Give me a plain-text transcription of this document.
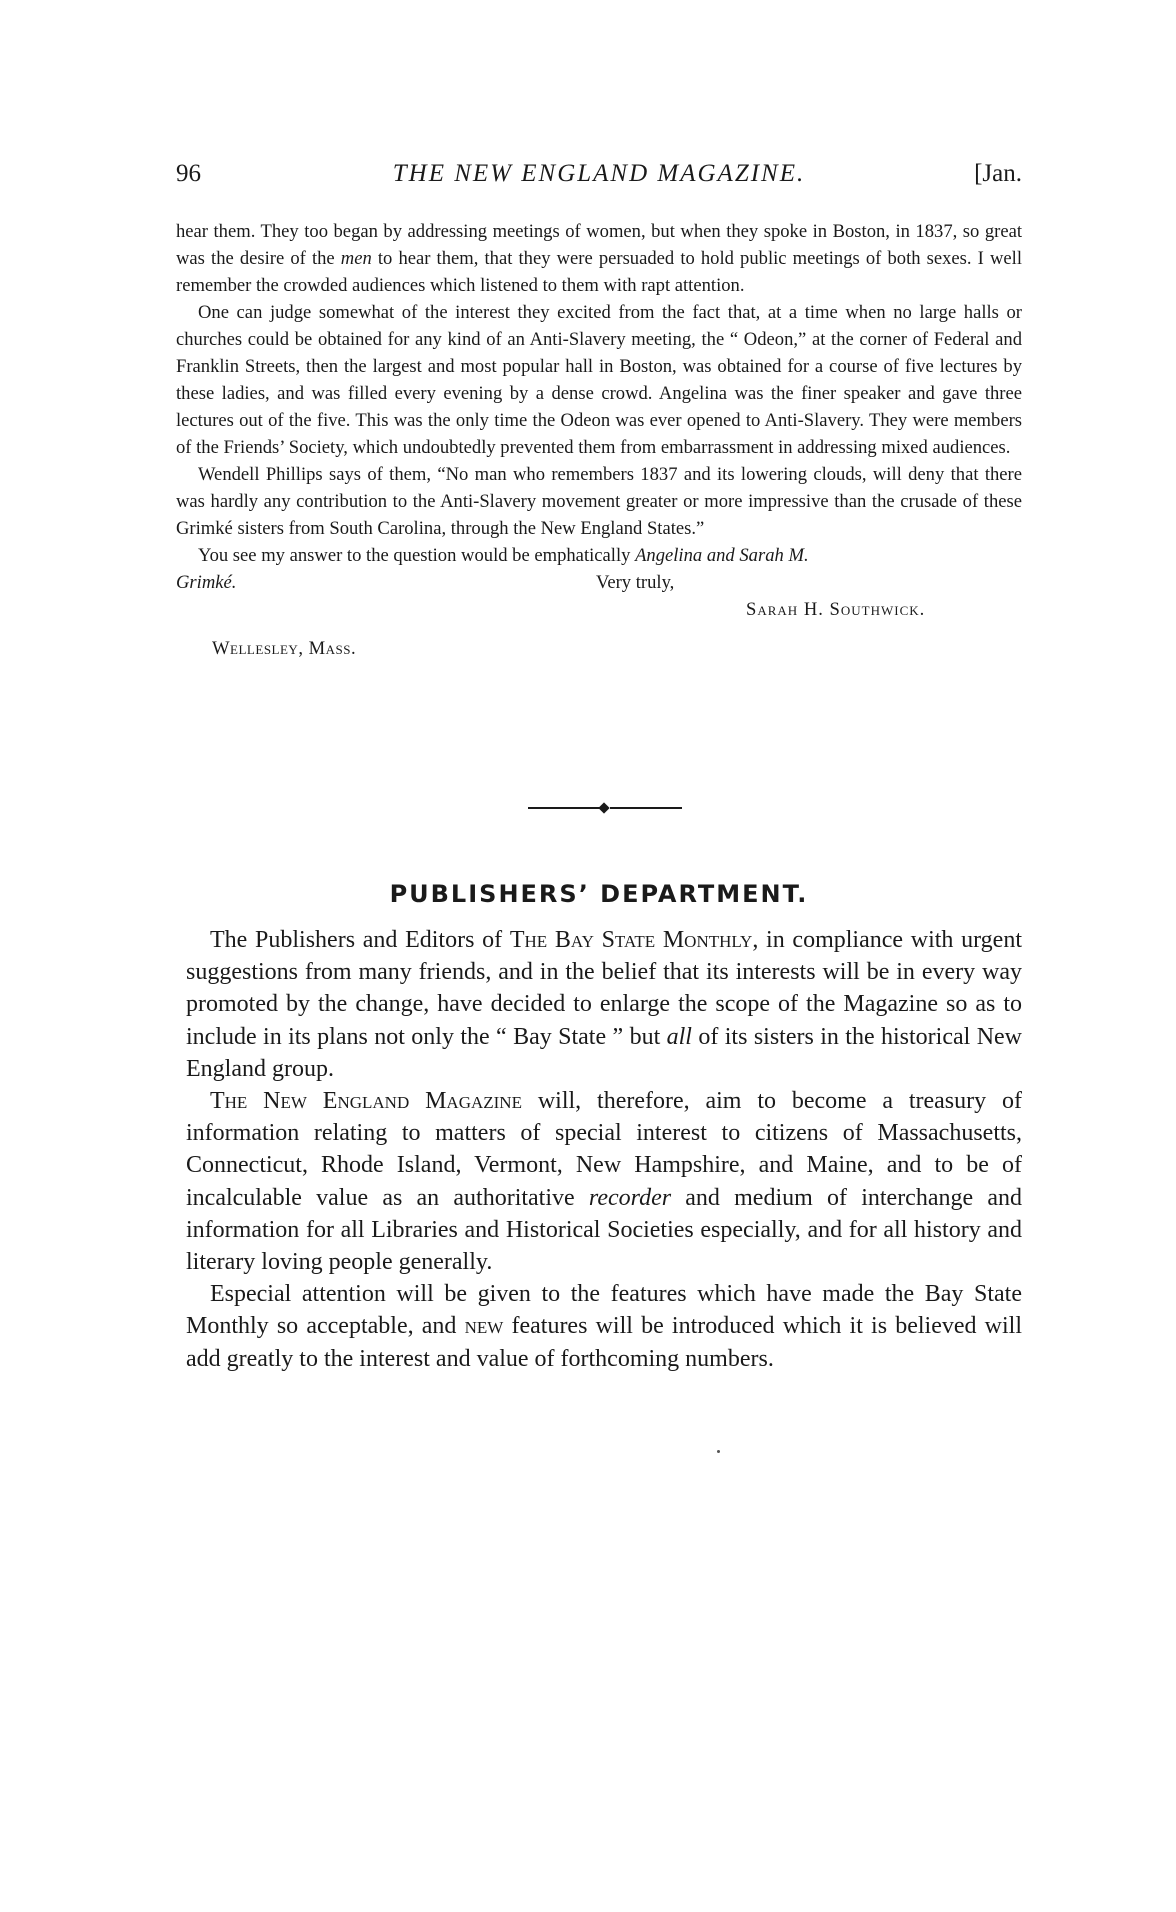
96	THE NEW ENGLAND MAGAZINE.	[Jan.

hear them. They too began by addressing meetings of women, but when they spoke in Boston, in 1837, so great was the desire of the men to hear them, that they were persuaded to hold public meetings of both sexes. I well remember the crowded audiences which listened to them with rapt attention.

One can judge somewhat of the interest they excited from the fact that, at a time when no large halls or churches could be obtained for any kind of an Anti-Slavery meeting, the “ Odeon,” at the corner of Federal and Franklin Streets, then the largest and most popular hall in Boston, was obtained for a course of five lectures by these ladies, and was filled every evening by a dense crowd. Angelina was the finer speaker and gave three lectures out of the five. This was the only time the Odeon was ever opened to Anti-Slavery. They were members of the Friends’ Society, which undoubtedly prevented them from embarrassment in addressing mixed audiences.

Wendell Phillips says of them, “No man who remembers 1837 and its lowering clouds, will deny that there was hardly any contribution to the Anti-Slavery movement greater or more impressive than the crusade of these Grimké sisters from South Carolina, through the New England States.”

You see my answer to the question would be emphatically Angelina and Sarah M.

Grimké.	Very truly,
Sarah H. Southwick.
Wellesley, Mass.
PUBLISHERS’ DEPARTMENT.

The Publishers and Editors of The Bay State Monthly, in compliance with urgent suggestions from many friends, and in the belief that its interests will be in every way promoted by the change, have decided to enlarge the scope of the Magazine so as to include in its plans not only the “ Bay State ” but all of its sisters in the historical New England group.

The New England Magazine will, therefore, aim to become a treasury of information relating to matters of special interest to citizens of Massachusetts, Connecticut, Rhode Island, Vermont, New Hampshire, and Maine, and to be of incalculable value as an authoritative recorder and medium of interchange and information for all Libraries and Historical Societies especially, and for all history and literary loving people generally.

Especial attention will be given to the features which have made the Bay State Monthly so acceptable, and new features will be introduced which it is believed will add greatly to the interest and value of forthcoming numbers.
